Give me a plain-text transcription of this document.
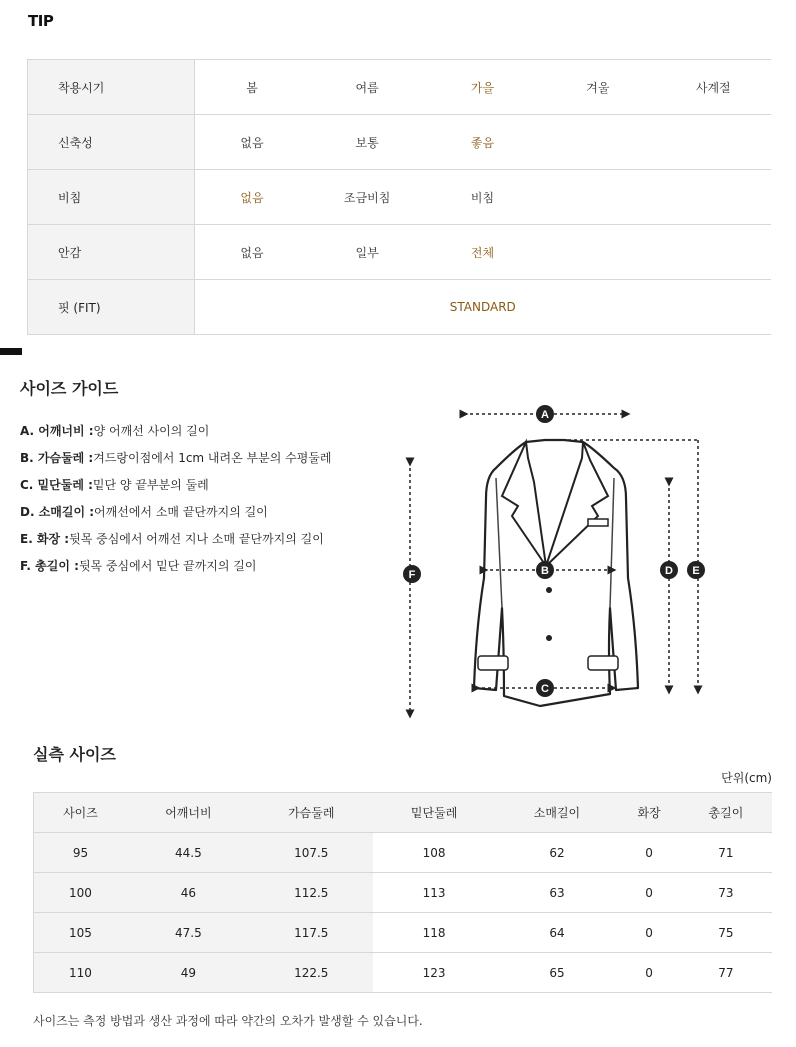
TIP
착용시기	봄	여름	가을	겨울	사계절
신축성	없음	보통	좋음		
비침	없음	조금비침	비침		
안감	없음	일부	전체		
핏 (FIT)	STANDARD				
사이즈 가이드
A. 어깨너비 :양 어깨선 사이의 길이
B. 가슴둘레 :겨드랑이점에서 1cm 내려온 부분의 수평둘레
C. 밑단둘레 :밑단 양 끝부분의 둘레
D. 소매길이 :어깨선에서 소매 끝단까지의 길이
E. 화장 :뒷목 중심에서 어깨선 지나 소매 끝단까지의 길이
F. 총길이 :뒷목 중심에서 밑단 끝까지의 길이
A
B
C
D E
F
실측 사이즈
단위(cm)
사이즈	어깨너비	가슴둘레	밑단둘레	소매길이	화장	총길이
95	44.5	107.5	108	62	0	71
100	46	112.5	113	63	0	73
105	47.5	117.5	118	64	0	75
110	49	122.5	123	65	0	77
사이즈는 측정 방법과 생산 과정에 따라 약간의 오차가 발생할 수 있습니다.
